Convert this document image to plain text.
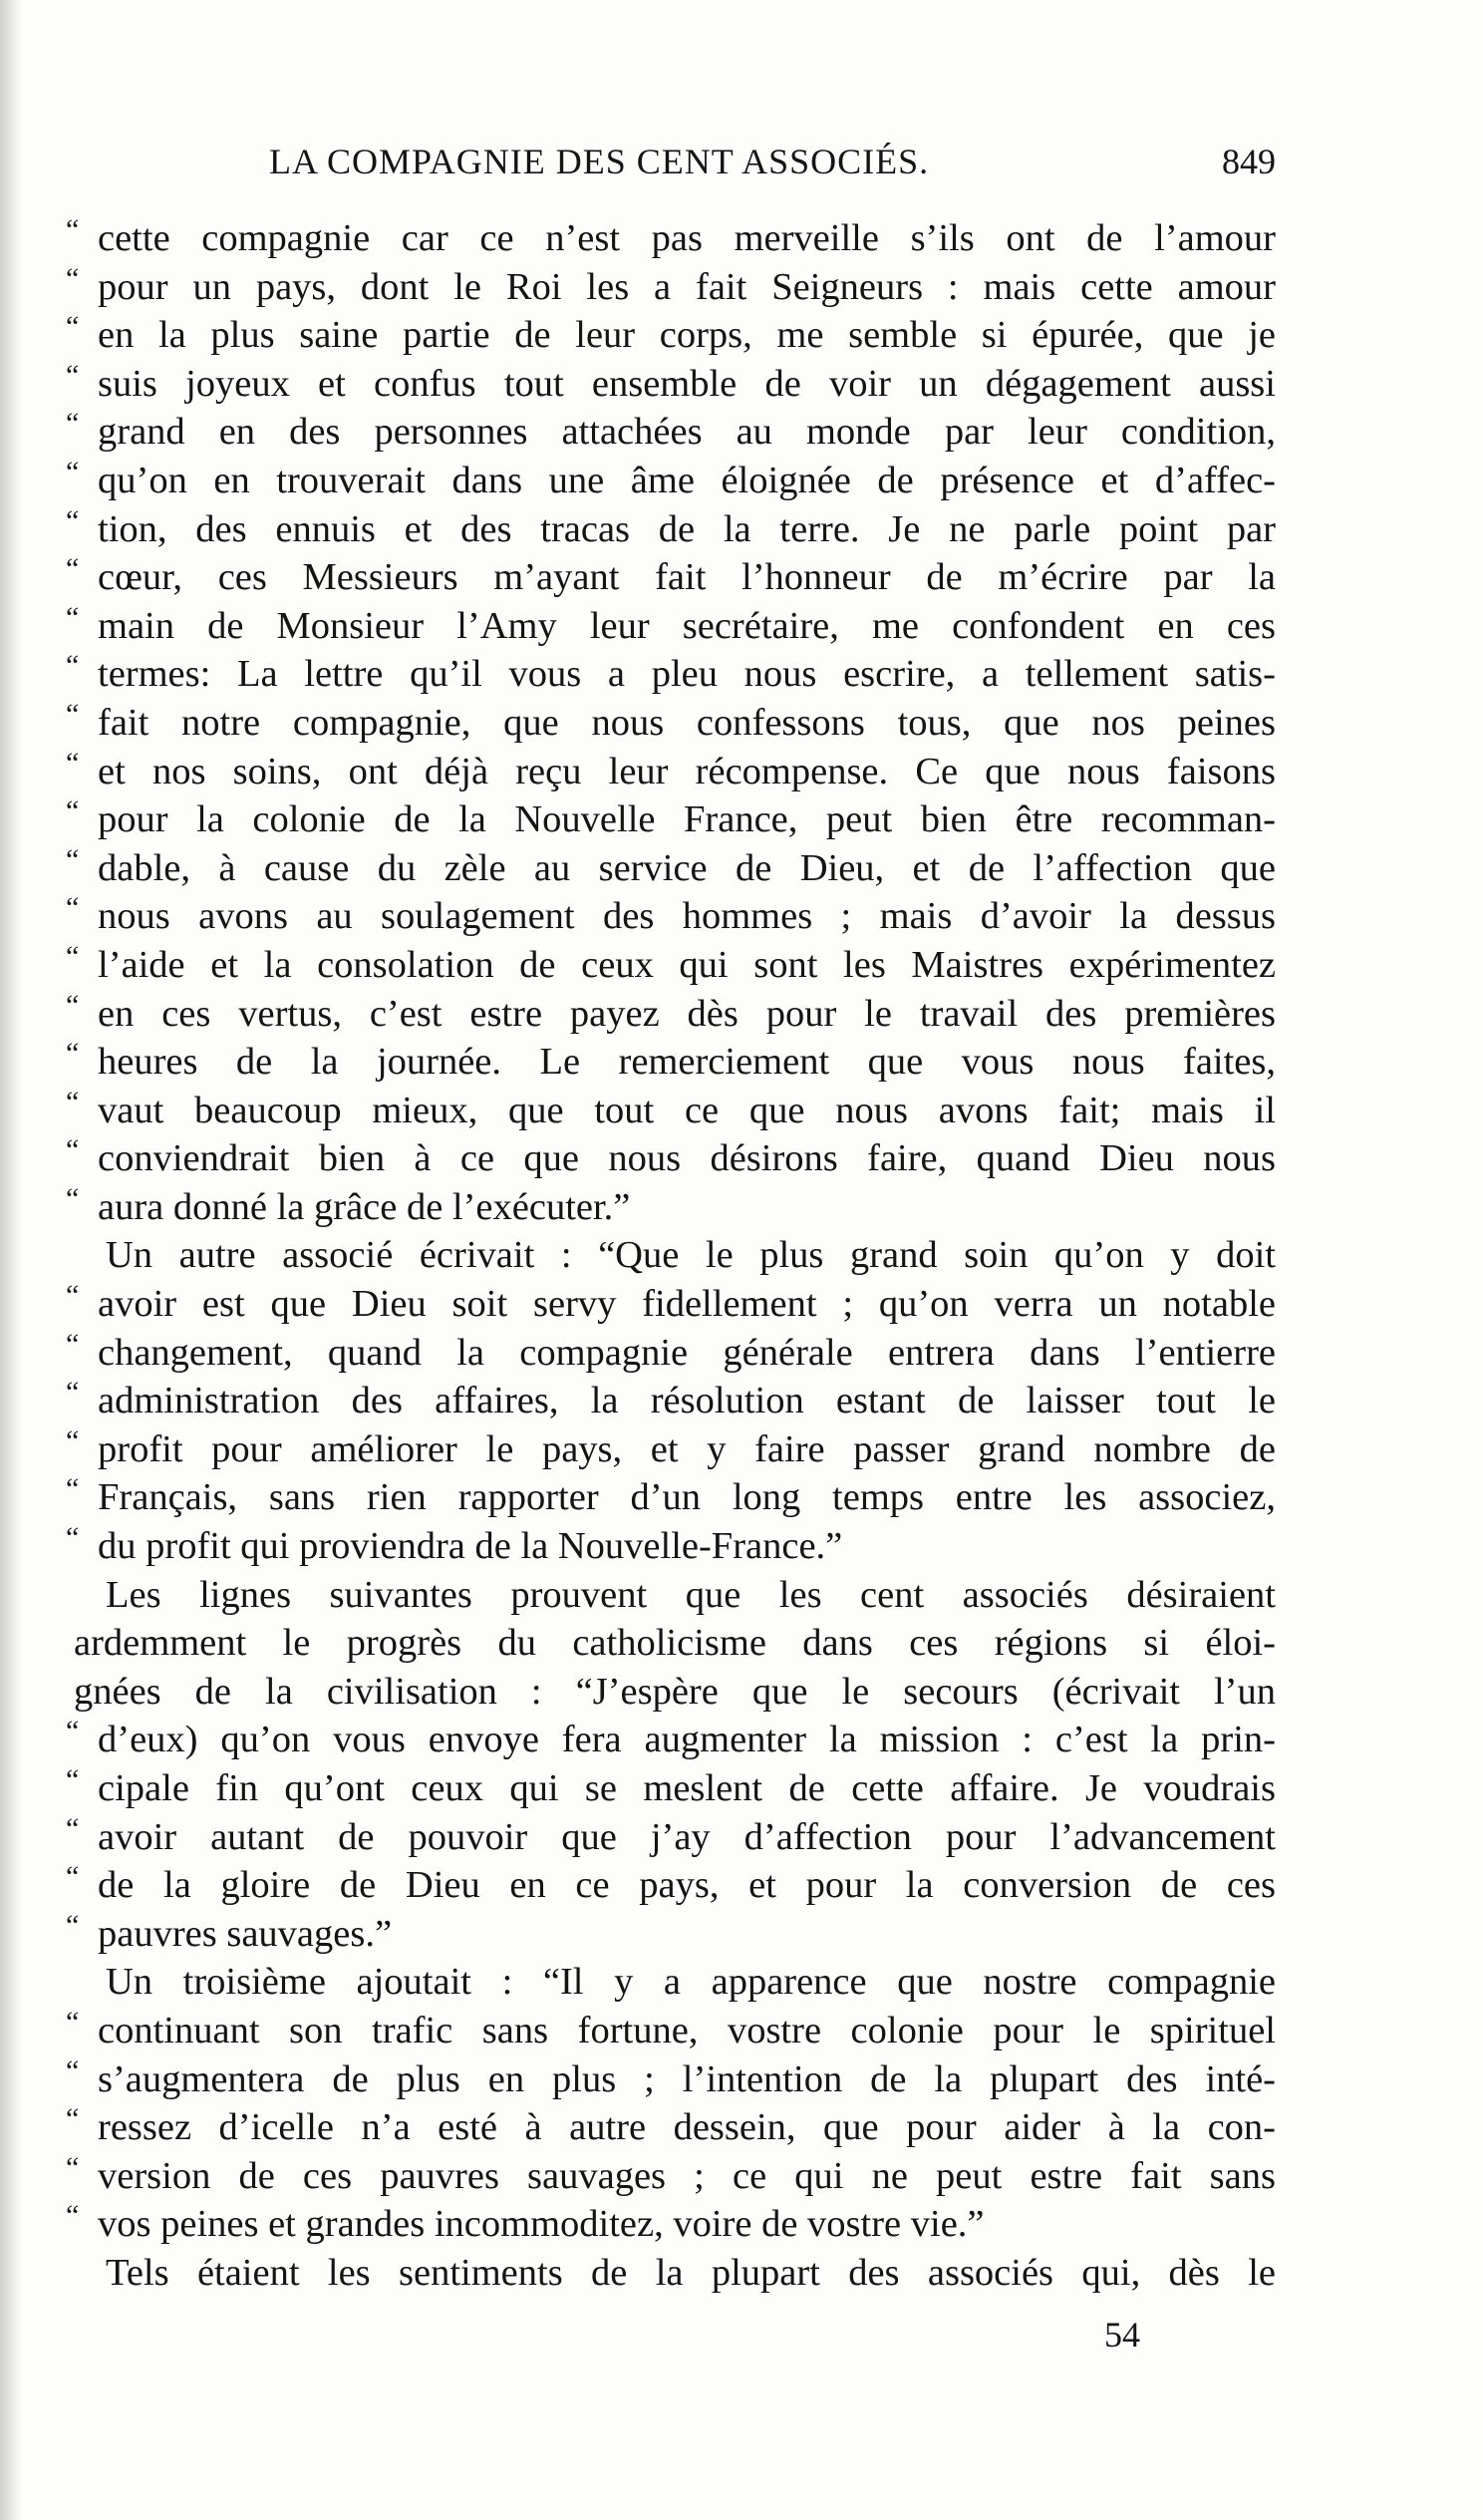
LA COMPAGNIE DES CENT ASSOCIÉS.	849
“ cette compagnie car ce n’est pas merveille s’ils ont de l’amour
“ pour un pays, dont le Roi les a fait Seigneurs : mais cette amour
“ en la plus saine partie de leur corps, me semble si épurée, que je
“ suis joyeux et confus tout ensemble de voir un dégagement aussi
“ grand en des personnes attachées au monde par leur condition,
“ qu’on en trouverait dans une âme éloignée de présence et d’affec-
“ tion, des ennuis et des tracas de la terre. Je ne parle point par
“ cœur, ces Messieurs m’ayant fait l’honneur de m’écrire par la
“ main de Monsieur l’Amy leur secrétaire, me confondent en ces
“ termes: La lettre qu’il vous a pleu nous escrire, a tellement satis-
“ fait notre compagnie, que nous confessons tous, que nos peines
“ et nos soins, ont déjà reçu leur récompense. Ce que nous faisons
“ pour la colonie de la Nouvelle France, peut bien être recomman-
“ dable, à cause du zèle au service de Dieu, et de l’affection que
“ nous avons au soulagement des hommes ; mais d’avoir la dessus
“ l’aide et la consolation de ceux qui sont les Maistres expérimentez
“ en ces vertus, c’est estre payez dès pour le travail des premières
“ heures de la journée. Le remerciement que vous nous faites,
“ vaut beaucoup mieux, que tout ce que nous avons fait; mais il
“ conviendrait bien à ce que nous désirons faire, quand Dieu nous
“ aura donné la grâce de l’exécuter.”
Un autre associé écrivait : “Que le plus grand soin qu’on y doit
“ avoir est que Dieu soit servy fidellement ; qu’on verra un notable
“ changement, quand la compagnie générale entrera dans l’entierre
“ administration des affaires, la résolution estant de laisser tout le
“ profit pour améliorer le pays, et y faire passer grand nombre de
“ Français, sans rien rapporter d’un long temps entre les associez,
“ du profit qui proviendra de la Nouvelle-France.”
Les lignes suivantes prouvent que les cent associés désiraient
ardemment le progrès du catholicisme dans ces régions si éloi-
gnées de la civilisation : “J’espère que le secours (écrivait l’un
“ d’eux) qu’on vous envoye fera augmenter la mission : c’est la prin-
“ cipale fin qu’ont ceux qui se meslent de cette affaire. Je voudrais
“ avoir autant de pouvoir que j’ay d’affection pour l’advancement
“ de la gloire de Dieu en ce pays, et pour la conversion de ces
“ pauvres sauvages.”
Un troisième ajoutait : “Il y a apparence que nostre compagnie
“ continuant son trafic sans fortune, vostre colonie pour le spirituel
“ s’augmentera de plus en plus ; l’intention de la plupart des inté-
“ ressez d’icelle n’a esté à autre dessein, que pour aider à la con-
“ version de ces pauvres sauvages ; ce qui ne peut estre fait sans
“ vos peines et grandes incommoditez, voire de vostre vie.”
Tels étaient les sentiments de la plupart des associés qui, dès le
54
